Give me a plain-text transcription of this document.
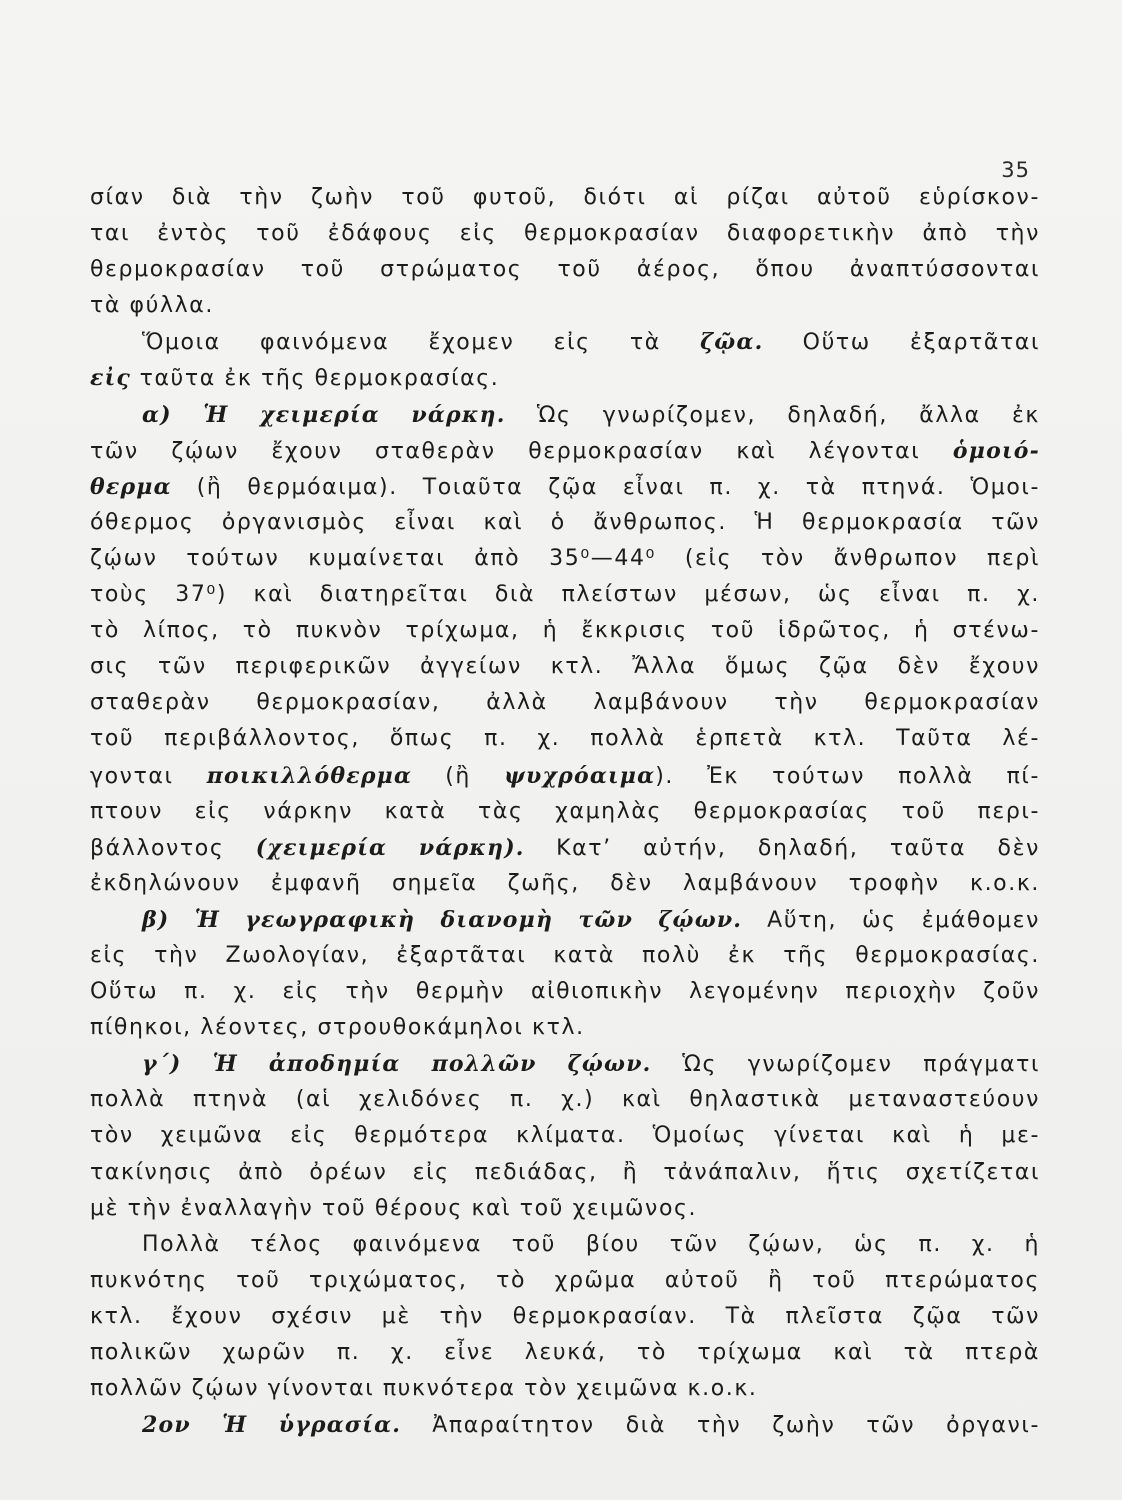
35
σίαν διὰ τὴν ζωὴν τοῦ φυτοῦ, διότι αἱ ρίζαι αὐτοῦ εὑρίσκον-
ται ἐντὸς τοῦ ἐδάφους εἰς θερμοκρασίαν διαφορετικὴν ἀπὸ τὴν
θερμοκρασίαν τοῦ στρώματος τοῦ ἀέρος, ὅπου ἀναπτύσσονται
τὰ φύλλα.
Ὅμοια φαινόμενα ἔχομεν εἰς τὰ ζῷα. Οὕτω ἐξαρτᾶται
εἰς ταῦτα ἐκ τῆς θερμοκρασίας.
α) Ἡ χειμερία νάρκη. Ὡς γνωρίζομεν, δηλαδή, ἄλλα ἐκ
τῶν ζῴων ἔχουν σταθερὰν θερμοκρασίαν καὶ λέγονται ὁμοιό-
θερμα (ἢ θερμόαιμα). Τοιαῦτα ζῷα εἶναι π. χ. τὰ πτηνά. Ὁμοι-
όθερμος ὀργανισμὸς εἶναι καὶ ὁ ἄνθρωπος. Ἡ θερμοκρασία τῶν
ζῴων τούτων κυμαίνεται ἀπὸ 35⁰—44⁰ (εἰς τὸν ἄνθρωπον περὶ
τοὺς 37⁰) καὶ διατηρεῖται διὰ πλείστων μέσων, ὡς εἶναι π. χ.
τὸ λίπος, τὸ πυκνὸν τρίχωμα, ἡ ἔκκρισις τοῦ ἱδρῶτος, ἡ στένω-
σις τῶν περιφερικῶν ἀγγείων κτλ. Ἄλλα ὅμως ζῷα δὲν ἔχουν
σταθερὰν θερμοκρασίαν, ἀλλὰ λαμβάνουν τὴν θερμοκρασίαν
τοῦ περιβάλλοντος, ὅπως π. χ. πολλὰ ἑρπετὰ κτλ. Ταῦτα λέ-
γονται ποικιλλόθερμα (ἢ ψυχρόαιμα). Ἐκ τούτων πολλὰ πί-
πτουν εἰς νάρκην κατὰ τὰς χαμηλὰς θερμοκρασίας τοῦ περι-
βάλλοντος (χειμερία νάρκη). Κατ’ αὐτήν, δηλαδή, ταῦτα δὲν
ἐκδηλώνουν ἐμφανῆ σημεῖα ζωῆς, δὲν λαμβάνουν τροφὴν κ.ο.κ.
β) Ἡ γεωγραφικὴ διανομὴ τῶν ζῴων. Αὕτη, ὡς ἐμάθομεν
εἰς τὴν Ζωολογίαν, ἐξαρτᾶται κατὰ πολὺ ἐκ τῆς θερμοκρασίας.
Οὕτω π. χ. εἰς τὴν θερμὴν αἰθιοπικὴν λεγομένην περιοχὴν ζοῦν
πίθηκοι, λέοντες, στρουθοκάμηλοι κτλ.
γ΄) Ἡ ἀποδημία πολλῶν ζῴων. Ὡς γνωρίζομεν πράγματι
πολλὰ πτηνὰ (αἱ χελιδόνες π. χ.) καὶ θηλαστικὰ μεταναστεύουν
τὸν χειμῶνα εἰς θερμότερα κλίματα. Ὁμοίως γίνεται καὶ ἡ με-
τακίνησις ἀπὸ ὀρέων εἰς πεδιάδας, ἢ τἀνάπαλιν, ἥτις σχετίζεται
μὲ τὴν ἐναλλαγὴν τοῦ θέρους καὶ τοῦ χειμῶνος.
Πολλὰ τέλος φαινόμενα τοῦ βίου τῶν ζῴων, ὡς π. χ. ἡ
πυκνότης τοῦ τριχώματος, τὸ χρῶμα αὐτοῦ ἢ τοῦ πτερώματος
κτλ. ἔχουν σχέσιν μὲ τὴν θερμοκρασίαν. Τὰ πλεῖστα ζῷα τῶν
πολικῶν χωρῶν π. χ. εἶνε λευκά, τὸ τρίχωμα καὶ τὰ πτερὰ
πολλῶν ζῴων γίνονται πυκνότερα τὸν χειμῶνα κ.ο.κ.
2ον Ἡ ὑγρασία. Ἀπαραίτητον διὰ τὴν ζωὴν τῶν ὀργανι-
